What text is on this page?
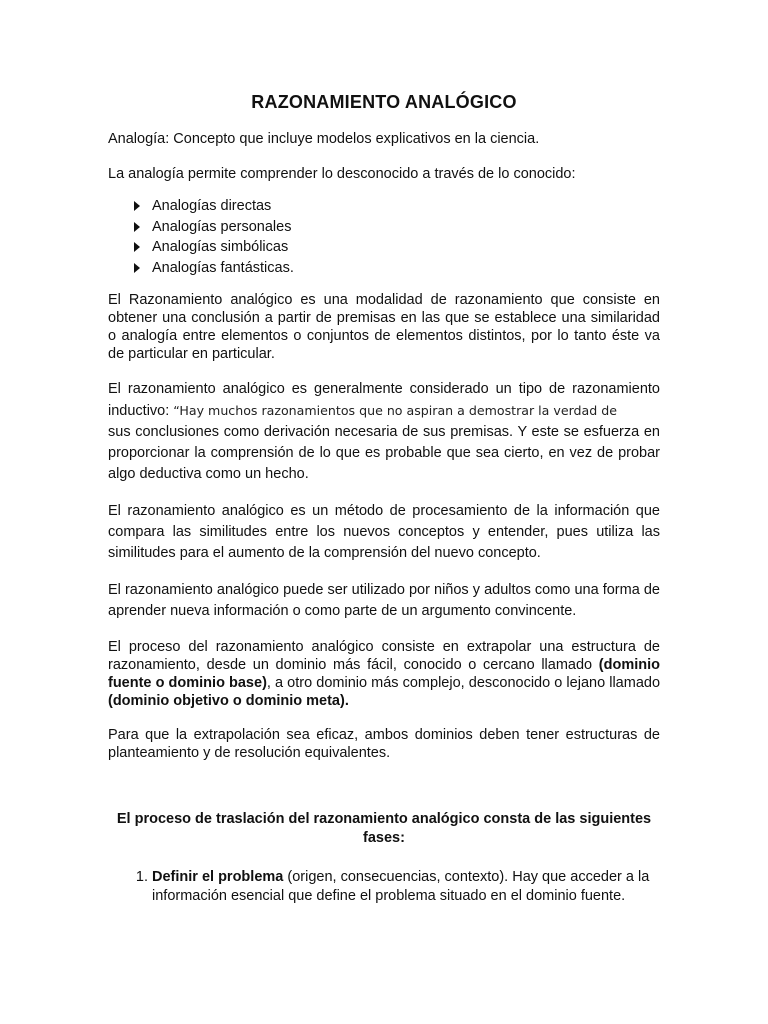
RAZONAMIENTO ANALÓGICO

Analogía: Concepto que incluye modelos explicativos en la ciencia.

La analogía permite comprender lo desconocido a través de lo conocido:

Analogías directas
Analogías personales
Analogías simbólicas
Analogías fantásticas.

El Razonamiento analógico es una modalidad de razonamiento que consiste en obtener una conclusión a partir de premisas en las que se establece una similaridad o analogía entre elementos o conjuntos de elementos distintos, por lo tanto éste va de particular en particular.

El razonamiento analógico es generalmente considerado un tipo de razonamiento inductivo: “Hay muchos razonamientos que no aspiran a demostrar la verdad de
sus conclusiones como derivación necesaria de sus premisas. Y este se esfuerza en proporcionar la comprensión de lo que es probable que sea cierto, en vez de probar algo deductiva como un hecho.

El razonamiento analógico es un método de procesamiento de la información que compara las similitudes entre los nuevos conceptos y entender, pues utiliza las similitudes para el aumento de la comprensión del nuevo concepto.

El razonamiento analógico puede ser utilizado por niños y adultos como una forma de aprender nueva información o como parte de un argumento convincente.

El proceso del razonamiento analógico consiste en extrapolar una estructura de razonamiento, desde un dominio más fácil, conocido o cercano llamado (dominio fuente o dominio base), a otro dominio más complejo, desconocido o lejano llamado (dominio objetivo o dominio meta).

Para que la extrapolación sea eficaz, ambos dominios deben tener estructuras de planteamiento y de resolución equivalentes.

El proceso de traslación del razonamiento analógico consta de las siguientes fases:

1. Definir el problema (origen, consecuencias, contexto). Hay que acceder a la información esencial que define el problema situado en el dominio fuente.
